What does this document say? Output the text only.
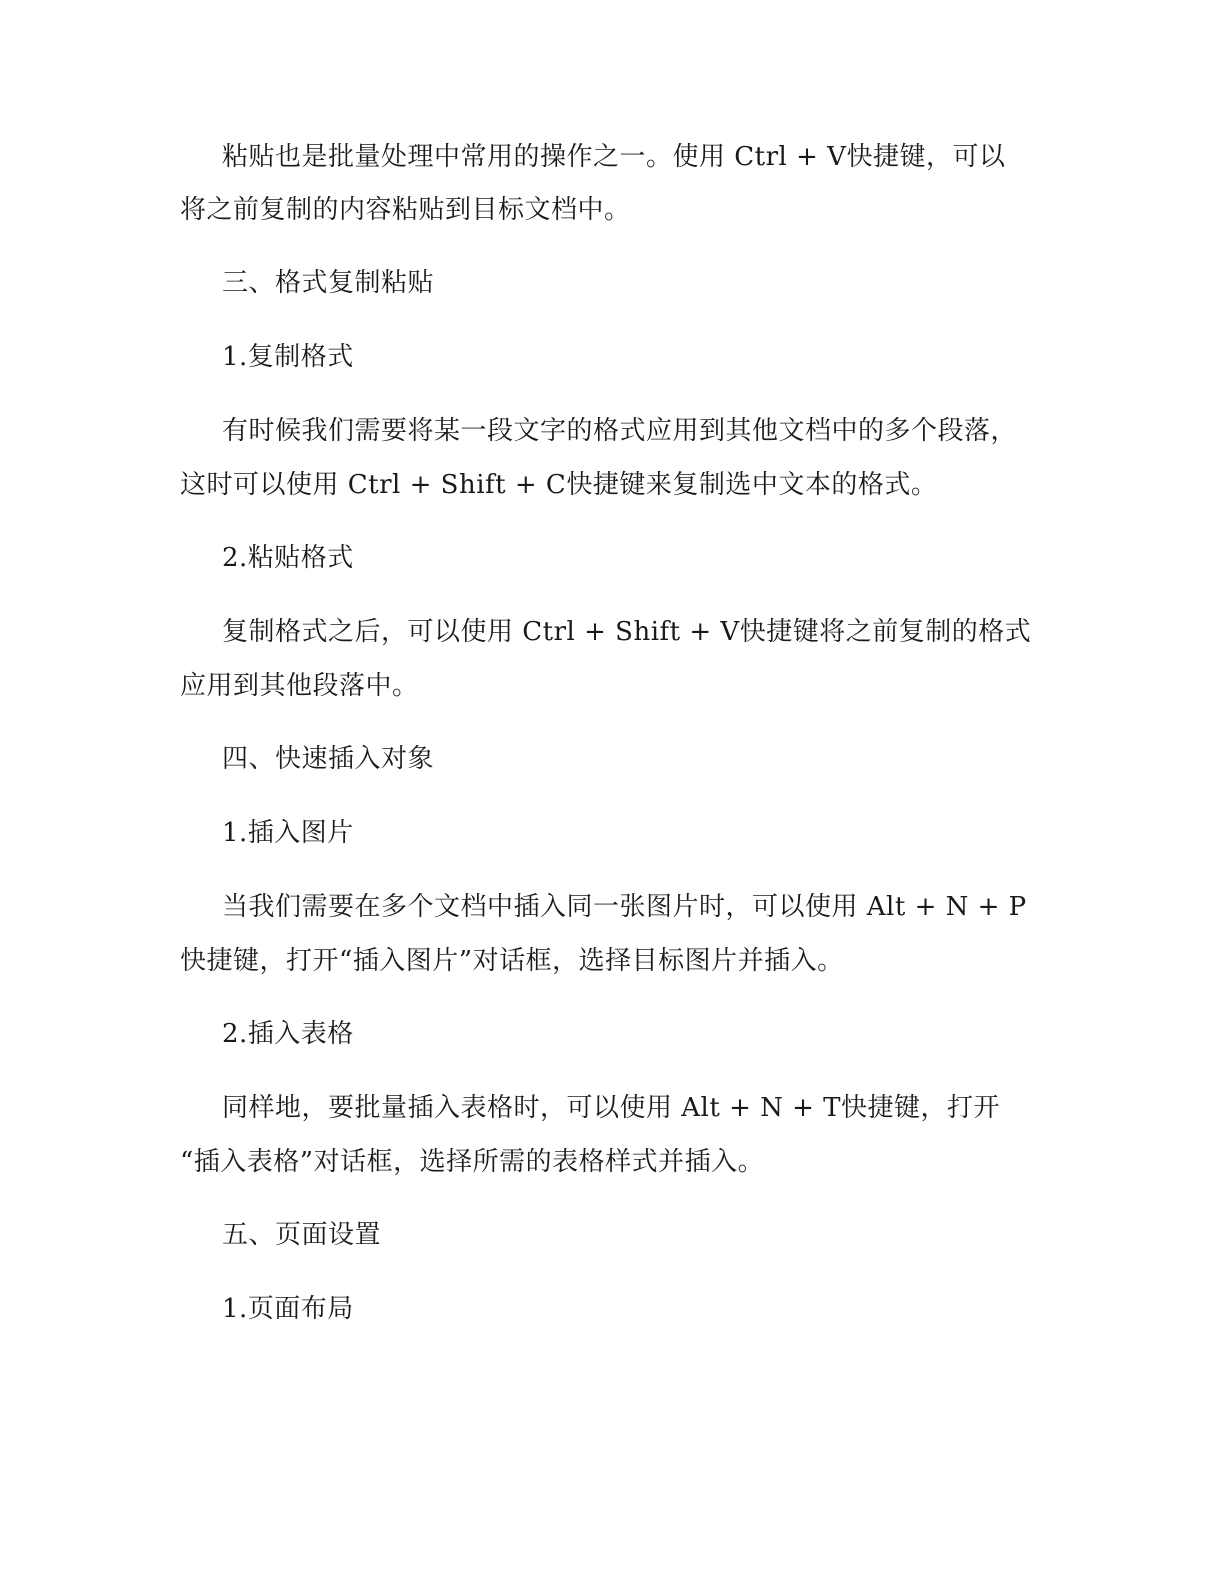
粘贴也是批量处理中常用的操作之一。使用 Ctrl + V快捷键，可以
将之前复制的内容粘贴到目标文档中。
三、格式复制粘贴
1.复制格式
有时候我们需要将某一段文字的格式应用到其他文档中的多个段落，
这时可以使用 Ctrl + Shift + C快捷键来复制选中文本的格式。
2.粘贴格式
复制格式之后，可以使用 Ctrl + Shift + V快捷键将之前复制的格式
应用到其他段落中。
四、快速插入对象
1.插入图片
当我们需要在多个文档中插入同一张图片时，可以使用 Alt + N + P
快捷键，打开“插入图片”对话框，选择目标图片并插入。
2.插入表格
同样地，要批量插入表格时，可以使用 Alt + N + T快捷键，打开
“插入表格”对话框，选择所需的表格样式并插入。
五、页面设置
1.页面布局
